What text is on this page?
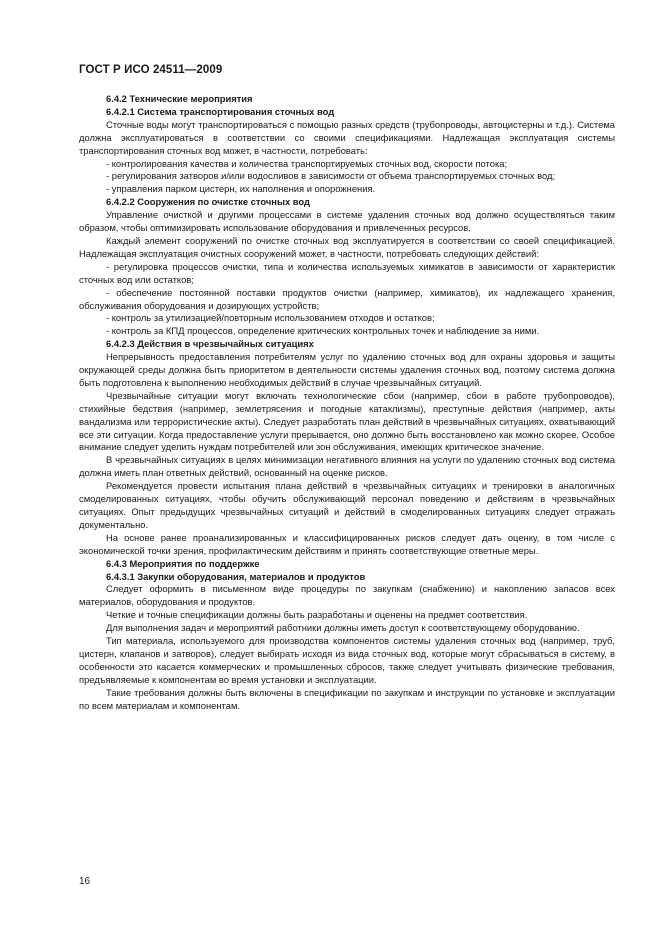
ГОСТ Р ИСО 24511—2009

6.4.2 Технические мероприятия

6.4.2.1 Система транспортирования сточных вод

Сточные воды могут транспортироваться с помощью разных средств (трубопроводы, автоцистерны и т.д.). Система должна эксплуатироваться в соответствии со своими спецификациями. Надлежащая эксплуатация системы транспортирования сточных вод может, в частности, потребовать:

- контролирования качества и количества транспортируемых сточных вод, скорости потока;

- регулирования затворов и/или водосливов в зависимости от объема транспортируемых сточных вод;

- управления парком цистерн, их наполнения и опорожнения.

6.4.2.2 Сооружения по очистке сточных вод

Управление очисткой и другими процессами в системе удаления сточных вод должно осуществляться таким образом, чтобы оптимизировать использование оборудования и привлеченных ресурсов.

Каждый элемент сооружений по очистке сточных вод эксплуатируется в соответствии со своей спецификацией. Надлежащая эксплуатация очистных сооружений может, в частности, потребовать следующих действий:

- регулировка процессов очистки, типа и количества используемых химикатов в зависимости от характеристик сточных вод или остатков;

- обеспечение постоянной поставки продуктов очистки (например, химикатов), их надлежащего хранения, обслуживания оборудования и дозирующих устройств;

- контроль за утилизацией/повторным использованием отходов и остатков;

- контроль за КПД процессов, определение критических контрольных точек и наблюдение за ними.

6.4.2.3 Действия в чрезвычайных ситуациях

Непрерывность предоставления потребителям услуг по удалению сточных вод для охраны здоровья и защиты окружающей среды должна быть приоритетом в деятельности системы удаления сточных вод, поэтому система должна быть подготовлена к выполнению необходимых действий в случае чрезвычайных ситуаций.

Чрезвычайные ситуации могут включать технологические сбои (например, сбои в работе трубопроводов), стихийные бедствия (например, землетрясения и погодные катаклизмы), преступные действия (например, акты вандализма или террористические акты). Следует разработать план действий в чрезвычайных ситуациях, охватывающий все эти ситуации. Когда предоставление услуги прерывается, оно должно быть восстановлено как можно скорее. Особое внимание следует уделить нуждам потребителей или зон обслуживания, имеющих критическое значение.

В чрезвычайных ситуациях в целях минимизации негативного влияния на услуги по удалению сточных вод система должна иметь план ответных действий, основанный на оценке рисков.

Рекомендуется провести испытания плана действий в чрезвычайных ситуациях и тренировки в аналогичных смоделированных ситуациях, чтобы обучить обслуживающий персонал поведению и действиям в чрезвычайных ситуациях. Опыт предыдущих чрезвычайных ситуаций и действий в смоделированных ситуациях следует отражать документально.

На основе ранее проанализированных и классифицированных рисков следует дать оценку, в том числе с экономической точки зрения, профилактическим действиям и принять соответствующие ответные меры.

6.4.3 Мероприятия по поддержке

6.4.3.1 Закупки оборудования, материалов и продуктов

Следует оформить в письменном виде процедуры по закупкам (снабжению) и накоплению запасов всех материалов, оборудования и продуктов.

Четкие и точные спецификации должны быть разработаны и оценены на предмет соответствия.

Для выполнения задач и мероприятий работники должны иметь доступ к соответствующему оборудованию.

Тип материала, используемого для производства компонентов системы удаления сточных вод (например, труб, цистерн, клапанов и затворов), следует выбирать исходя из вида сточных вод, которые могут сбрасываться в систему, в особенности это касается коммерческих и промышленных сбросов, также следует учитывать физические требования, предъявляемые к компонентам во время установки и эксплуатации.

Такие требования должны быть включены в спецификации по закупкам и инструкции по установке и эксплуатации по всем материалам и компонентам.

16
